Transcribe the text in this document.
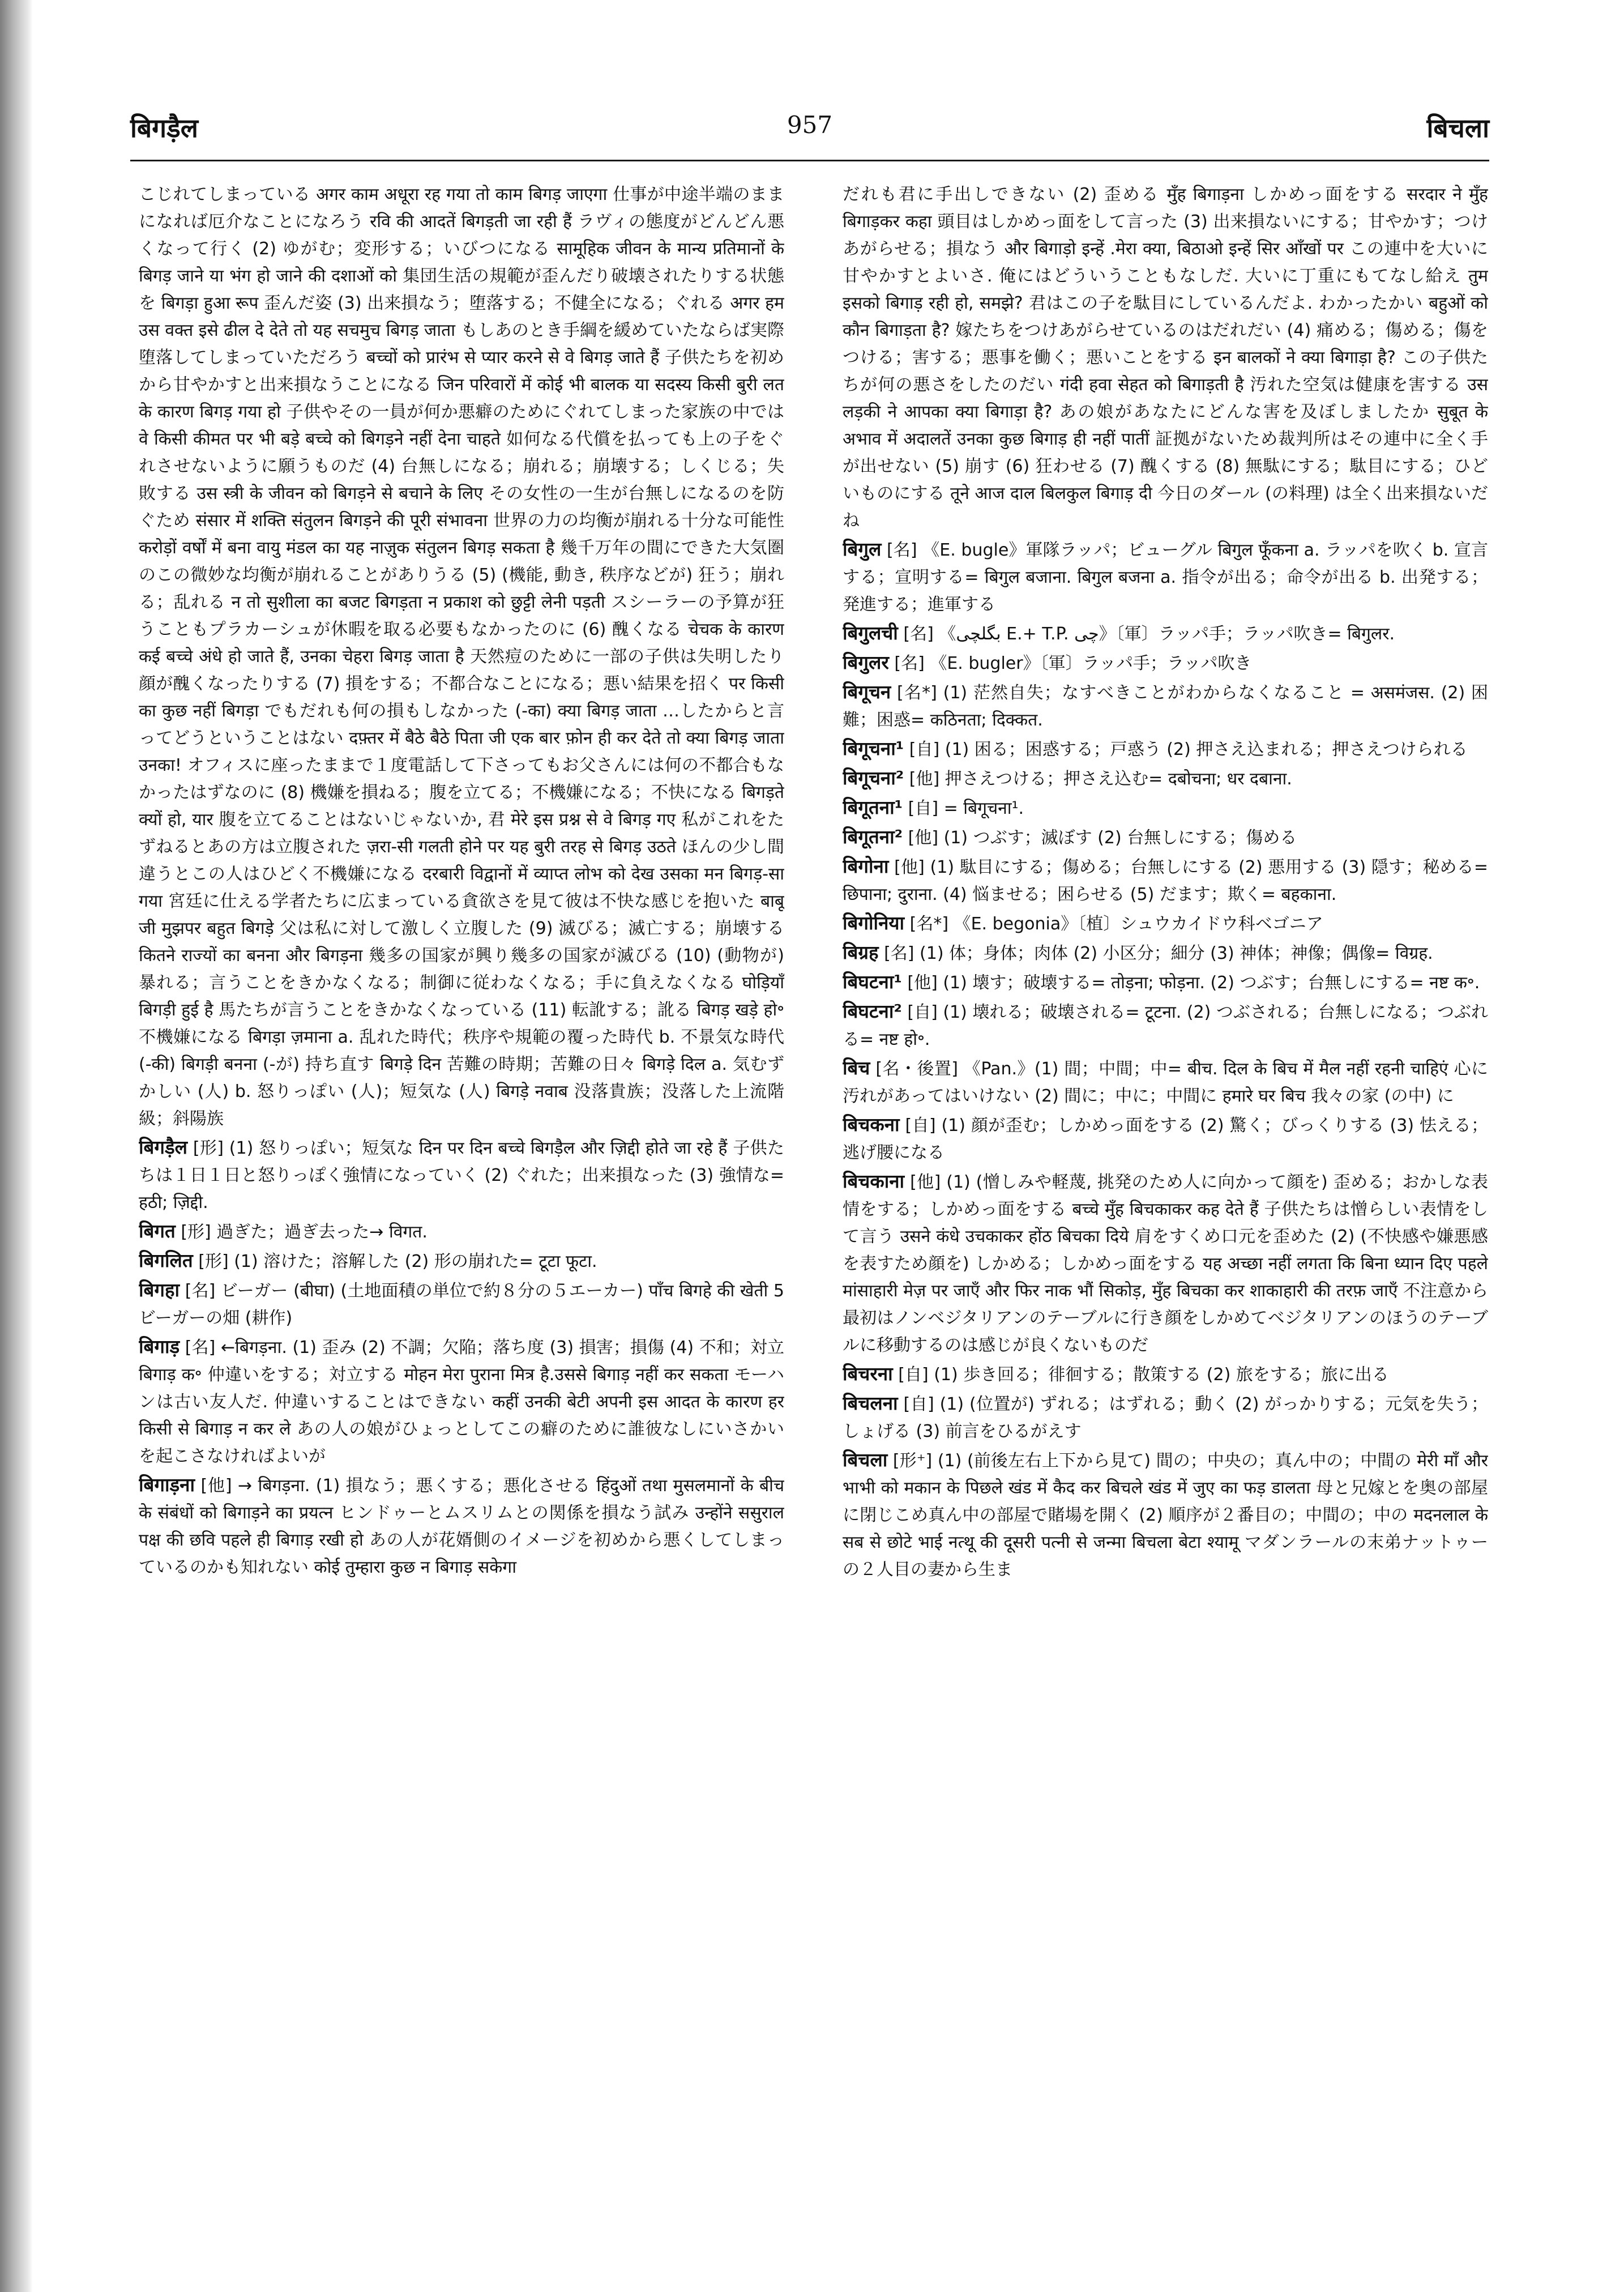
बिगड़ैल	957	बिचला

こじれてしまっている अगर काम अधूरा रह गया तो काम बिगड़ जाएगा 仕事が中途半端のままになれば厄介なことになろう रवि की आदतें बिगड़ती जा रही हैं ラヴィの態度がどんどん悪くなって行く (2) ゆがむ；変形する；いびつになる सामूहिक जीवन के मान्य प्रतिमानों के बिगड़ जाने या भंग हो जाने की दशाओं को 集団生活の規範が歪んだり破壊されたりする状態を बिगड़ा हुआ रूप 歪んだ姿 (3) 出来損なう；堕落する；不健全になる；ぐれる अगर हम उस वक्त इसे ढील दे देते तो यह सचमुच बिगड़ जाता もしあのとき手綱を緩めていたならば実際堕落してしまっていただろう बच्चों को प्रारंभ से प्यार करने से वे बिगड़ जाते हैं 子供たちを初めから甘やかすと出来損なうことになる जिन परिवारों में कोई भी बालक या सदस्य किसी बुरी लत के कारण बिगड़ गया हो 子供やその一員が何か悪癖のためにぐれてしまった家族の中では वे किसी कीमत पर भी बड़े बच्चे को बिगड़ने नहीं देना चाहते 如何なる代償を払っても上の子をぐれさせないように願うものだ (4) 台無しになる；崩れる；崩壊する；しくじる；失敗する उस स्त्री के जीवन को बिगड़ने से बचाने के लिए その女性の一生が台無しになるのを防ぐため संसार में शक्ति संतुलन बिगड़ने की पूरी संभावना 世界の力の均衡が崩れる十分な可能性 करोड़ों वर्षों में बना वायु मंडल का यह नाज़ुक संतुलन बिगड़ सकता है 幾千万年の間にできた大気圏のこの微妙な均衡が崩れることがありうる (5) (機能, 動き, 秩序などが) 狂う；崩れる；乱れる न तो सुशीला का बजट बिगड़ता न प्रकाश को छुट्टी लेनी पड़ती スシーラーの予算が狂うこともプラカーシュが休暇を取る必要もなかったのに (6) 醜くなる चेचक के कारण कई बच्चे अंधे हो जाते हैं, उनका चेहरा बिगड़ जाता है 天然痘のために一部の子供は失明したり顔が醜くなったりする (7) 損をする；不都合なことになる；悪い結果を招く पर किसी का कुछ नहीं बिगड़ा でもだれも何の損もしなかった (-का) क्या बिगड़ जाता …したからと言ってどうということはない दफ़्तर में बैठे बैठे पिता जी एक बार फ़ोन ही कर देते तो क्या बिगड़ जाता उनका! オフィスに座ったままで１度電話して下さってもお父さんには何の不都合もなかったはずなのに (8) 機嫌を損ねる；腹を立てる；不機嫌になる；不快になる बिगड़ते क्यों हो, यार 腹を立てることはないじゃないか, 君 मेरे इस प्रश्न से वे बिगड़ गए 私がこれをたずねるとあの方は立腹された ज़रा-सी गलती होने पर यह बुरी तरह से बिगड़ उठते ほんの少し間違うとこの人はひどく不機嫌になる दरबारी विद्वानों में व्याप्त लोभ को देख उसका मन बिगड़-सा गया 宮廷に仕える学者たちに広まっている貪欲さを見て彼は不快な感じを抱いた बाबू जी मुझपर बहुत बिगड़े 父は私に対して激しく立腹した (9) 滅びる；滅亡する；崩壊する कितने राज्यों का बनना और बिगड़ना 幾多の国家が興り幾多の国家が滅びる (10) (動物が) 暴れる；言うことをきかなくなる；制御に従わなくなる；手に負えなくなる घोड़ियाँ बिगड़ी हुई है 馬たちが言うことをきかなくなっている (11) 転訛する；訛る बिगड़ खड़े हो॰ 不機嫌になる बिगड़ा ज़माना a. 乱れた時代；秩序や規範の覆った時代 b. 不景気な時代 (-की) बिगड़ी बनना (-が) 持ち直す बिगड़े दिन 苦難の時期；苦難の日々 बिगड़े दिल a. 気むずかしい (人) b. 怒りっぽい (人)；短気な (人) बिगड़े नवाब 没落貴族；没落した上流階級；斜陽族

बिगड़ैल [形] (1) 怒りっぽい；短気な दिन पर दिन बच्चे बिगड़ैल और ज़िद्दी होते जा रहे हैं 子供たちは１日１日と怒りっぽく強情になっていく (2) ぐれた；出来損なった (3) 強情な= हठी; ज़िद्दी.

बिगत [形] 過ぎた；過ぎ去った→ विगत.

बिगलित [形] (1) 溶けた；溶解した (2) 形の崩れた= टूटा फूटा.

बिगहा [名] ビーガー (बीघा) (土地面積の単位で約８分の５エーカー) पाँच बिगहे की खेती 5 ビーガーの畑 (耕作)

बिगाड़ [名] ←बिगड़ना. (1) 歪み (2) 不調；欠陥；落ち度 (3) 損害；損傷 (4) 不和；対立 बिगाड़ क॰ 仲違いをする；対立する मोहन मेरा पुराना मित्र है.उससे बिगाड़ नहीं कर सकता モーハンは古い友人だ. 仲違いすることはできない कहीं उनकी बेटी अपनी इस आदत के कारण हर किसी से बिगाड़ न कर ले あの人の娘がひょっとしてこの癖のために誰彼なしにいさかいを起こさなければよいが

बिगाड़ना [他] → बिगड़ना. (1) 損なう；悪くする；悪化させる हिंदुओं तथा मुसलमानों के बीच के संबंधों को बिगाड़ने का प्रयत्न ヒンドゥーとムスリムとの関係を損なう試み उन्होंने ससुराल पक्ष की छवि पहले ही बिगाड़ रखी हो あの人が花婿側のイメージを初めから悪くしてしまっているのかも知れない कोई तुम्हारा कुछ न बिगाड़ सकेगा

だれも君に手出しできない (2) 歪める मुँह बिगाड़ना しかめっ面をする सरदार ने मुँह बिगाड़कर कहा 頭目はしかめっ面をして言った (3) 出来損ないにする；甘やかす；つけあがらせる；損なう और बिगाड़ो इन्हें .मेरा क्या, बिठाओ इन्हें सिर आँखों पर この連中を大いに甘やかすとよいさ. 俺にはどういうこともなしだ. 大いに丁重にもてなし給え तुम इसको बिगाड़ रही हो, समझे? 君はこの子を駄目にしているんだよ. わかったかい बहुओं को कौन बिगाड़ता है? 嫁たちをつけあがらせているのはだれだい (4) 痛める；傷める；傷をつける；害する；悪事を働く；悪いことをする इन बालकों ने क्या बिगाड़ा है? この子供たちが何の悪さをしたのだい गंदी हवा सेहत को बिगाड़ती है 汚れた空気は健康を害する उस लड़की ने आपका क्या बिगाड़ा है? あの娘があなたにどんな害を及ぼしましたか सुबूत के अभाव में अदालतें उनका कुछ बिगाड़ ही नहीं पातीं 証拠がないため裁判所はその連中に全く手が出せない (5) 崩す (6) 狂わせる (7) 醜くする (8) 無駄にする；駄目にする；ひどいものにする तूने आज दाल बिलकुल बिगाड़ दी 今日のダール (の料理) は全く出来損ないだね

बिगुल [名] 《E. bugle》軍隊ラッパ；ビューグル बिगुल फूँकना a. ラッパを吹く b. 宣言する；宣明する= बिगुल बजाना. बिगुल बजना a. 指令が出る；命令が出る b. 出発する；発進する；進軍する

बिगुलची [名] 《بگلچی E.+ T.P. چی》〔軍〕ラッパ手；ラッパ吹き= बिगुलर.

बिगुलर [名] 《E. bugler》〔軍〕ラッパ手；ラッパ吹き

बिगूचन [名*] (1) 茫然自失；なすべきことがわからなくなること = असमंजस. (2) 困難；困惑= कठिनता; दिक्कत.

बिगूचना¹ [自] (1) 困る；困惑する；戸惑う (2) 押さえ込まれる；押さえつけられる

बिगूचना² [他] 押さえつける；押さえ込む= दबोचना; धर दबाना.

बिगूतना¹ [自] = बिगूचना¹.

बिगूतना² [他] (1) つぶす；滅ぼす (2) 台無しにする；傷める

बिगोना [他] (1) 駄目にする；傷める；台無しにする (2) 悪用する (3) 隠す；秘める= छिपाना; दुराना. (4) 悩ませる；困らせる (5) だます；欺く= बहकाना.

बिगोनिया [名*] 《E. begonia》〔植〕シュウカイドウ科ベゴニア

बिग्रह [名] (1) 体；身体；肉体 (2) 小区分；細分 (3) 神体；神像；偶像= विग्रह.

बिघटना¹ [他] (1) 壊す；破壊する= तोड़ना; फोड़ना. (2) つぶす；台無しにする= नष्ट क॰.

बिघटना² [自] (1) 壊れる；破壊される= टूटना. (2) つぶされる；台無しになる；つぶれる= नष्ट हो॰.

बिच [名・後置] 《Pan.》(1) 間；中間；中= बीच. दिल के बिच में मैल नहीं रहनी चाहिएं 心に汚れがあってはいけない (2) 間に；中に；中間に हमारे घर बिच 我々の家 (の中) に

बिचकना [自] (1) 顔が歪む；しかめっ面をする (2) 驚く；びっくりする (3) 怯える；逃げ腰になる

बिचकाना [他] (1) (憎しみや軽蔑, 挑発のため人に向かって顔を) 歪める；おかしな表情をする；しかめっ面をする बच्चे मुँह बिचकाकर कह देते हैं 子供たちは憎らしい表情をして言う उसने कंधे उचकाकर होंठ बिचका दिये 肩をすくめ口元を歪めた (2) (不快感や嫌悪感を表すため顔を) しかめる；しかめっ面をする यह अच्छा नहीं लगता कि बिना ध्यान दिए पहले मांसाहारी मेज़ पर जाएँ और फिर नाक भौं सिकोड़, मुँह बिचका कर शाकाहारी की तरफ़ जाएँ 不注意から最初はノンベジタリアンのテーブルに行き顔をしかめてベジタリアンのほうのテーブルに移動するのは感じが良くないものだ

बिचरना [自] (1) 歩き回る；徘徊する；散策する (2) 旅をする；旅に出る

बिचलना [自] (1) (位置が) ずれる；はずれる；動く (2) がっかりする；元気を失う；しょげる (3) 前言をひるがえす

बिचला [形⁺] (1) (前後左右上下から見て) 間の；中央の；真ん中の；中間の मेरी माँ और भाभी को मकान के पिछले खंड में कैद कर बिचले खंड में जुए का फड़ डालता 母と兄嫁とを奥の部屋に閉じこめ真ん中の部屋で賭場を開く (2) 順序が２番目の；中間の；中の मदनलाल के सब से छोटे भाई नत्थू की दूसरी पत्नी से जन्मा बिचला बेटा श्यामू マダンラールの末弟ナットゥーの２人目の妻から生ま
